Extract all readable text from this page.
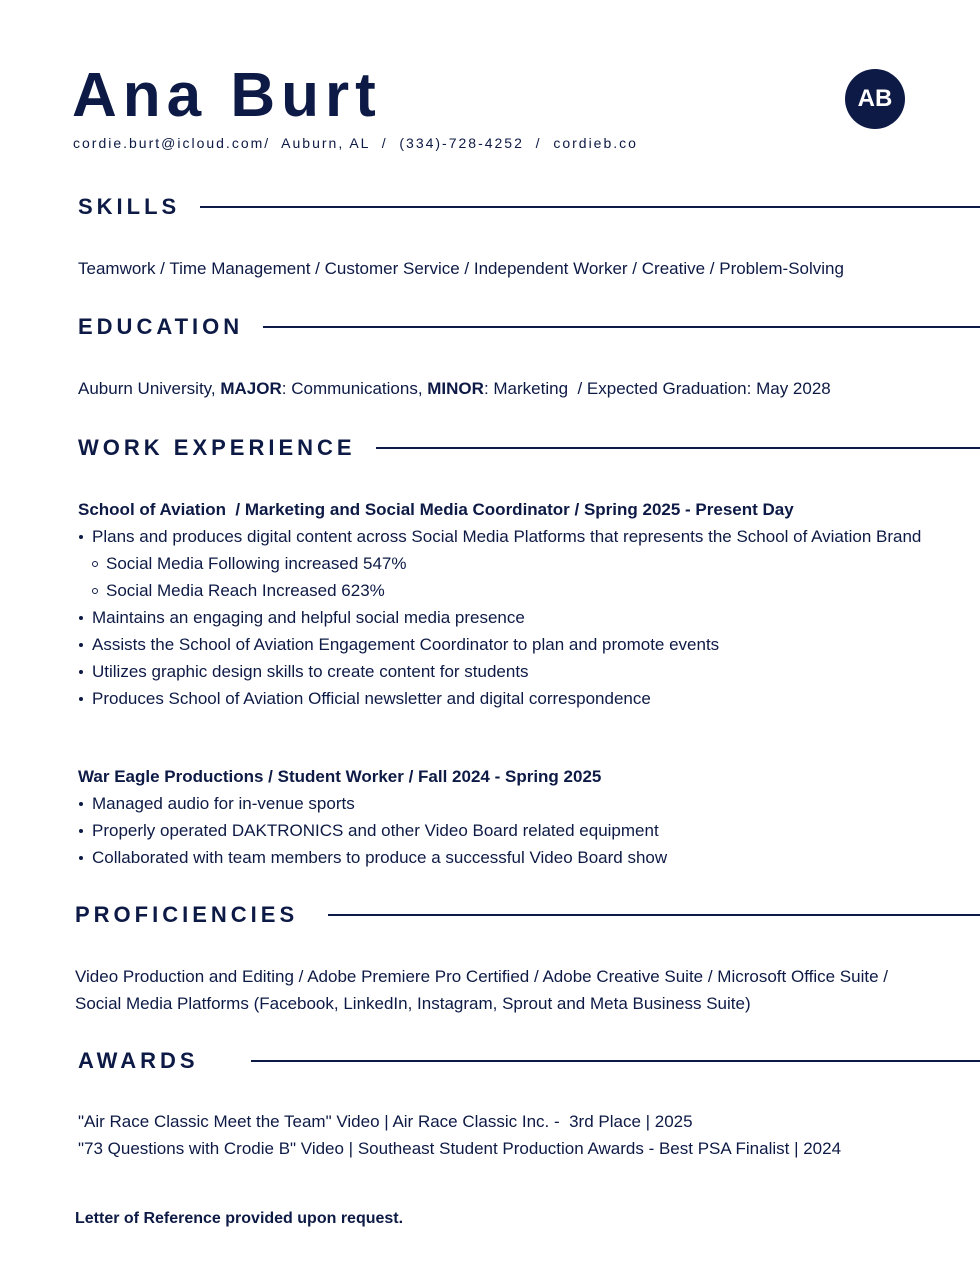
Ana Burt
cordie.burt@icloud.com/  Auburn, AL  /  (334)-728-4252  /  cordieb.co
AB
SKILLS
Teamwork / Time Management / Customer Service / Independent Worker / Creative / Problem-Solving
EDUCATION
Auburn University, MAJOR: Communications, MINOR: Marketing  / Expected Graduation: May 2028
WORK EXPERIENCE
School of Aviation  / Marketing and Social Media Coordinator / Spring 2025 - Present Day
Plans and produces digital content across Social Media Platforms that represents the School of Aviation Brand
Social Media Following increased 547%
Social Media Reach Increased 623%
Maintains an engaging and helpful social media presence
Assists the School of Aviation Engagement Coordinator to plan and promote events
Utilizes graphic design skills to create content for students
Produces School of Aviation Official newsletter and digital correspondence
War Eagle Productions / Student Worker / Fall 2024 - Spring 2025
Managed audio for in-venue sports
Properly operated DAKTRONICS and other Video Board related equipment
Collaborated with team members to produce a successful Video Board show
PROFICIENCIES
Video Production and Editing / Adobe Premiere Pro Certified / Adobe Creative Suite / Microsoft Office Suite / Social Media Platforms (Facebook, LinkedIn, Instagram, Sprout and Meta Business Suite)
AWARDS
"Air Race Classic Meet the Team" Video | Air Race Classic Inc. -  3rd Place | 2025
"73 Questions with Crodie B" Video | Southeast Student Production Awards - Best PSA Finalist | 2024
Letter of Reference provided upon request.
